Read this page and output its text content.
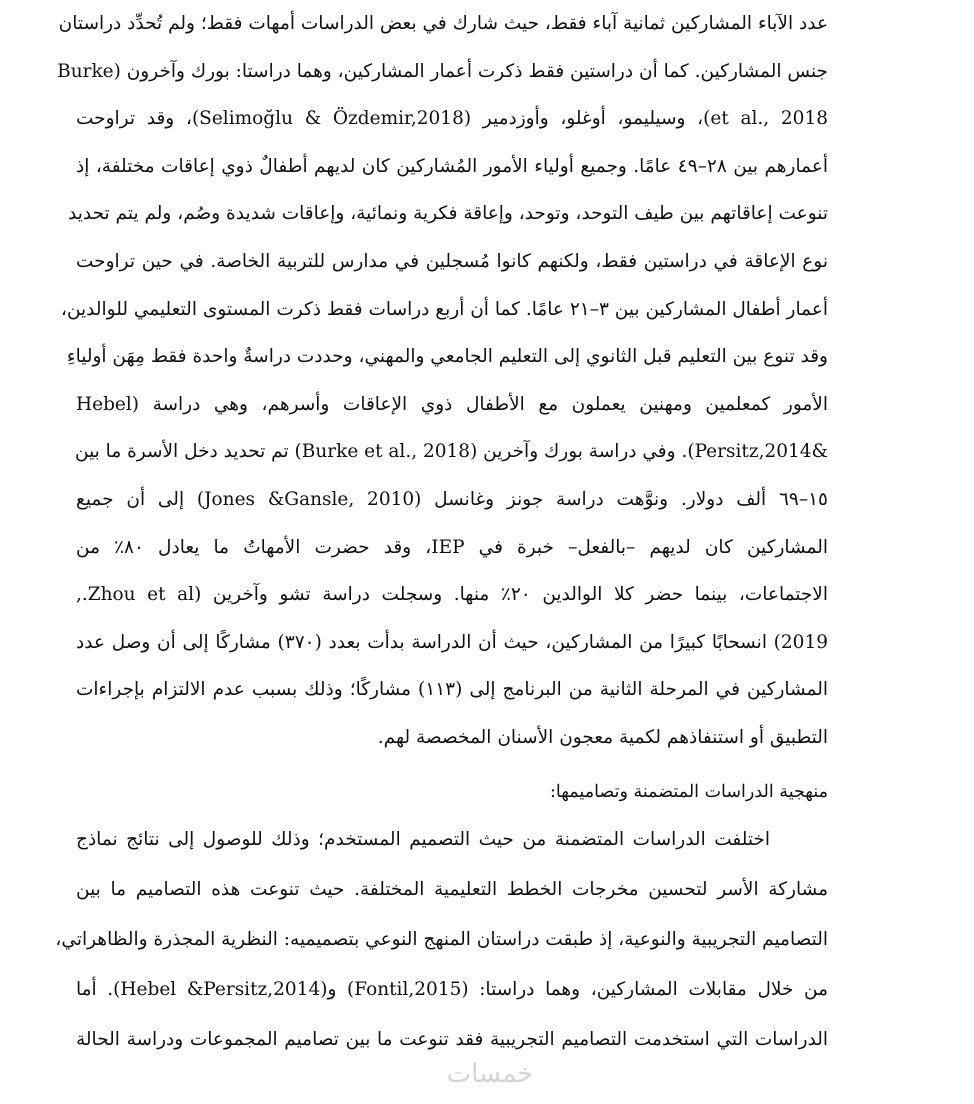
عدد الآباء المشاركين ثمانية آباء فقط، حيث شارك في بعض الدراسات أمهات فقط؛ ولم تُحدِّد دراستان
جنس المشاركين. كما أن دراستين فقط ذكرت أعمار المشاركين، وهما دراستا: بورك وآخرون (Burke
et al., 2018)، وسيليمو، أوغلو، وأوزدمير (Selimoğlu & Özdemir,2018)، وقد تراوحت
أعمارهم بين ٢٨–٤٩ عامًا. وجميع أولياء الأمور المُشاركين كان لديهم أطفالٌ ذوي إعاقات مختلفة، إذ
تنوعت إعاقاتهم بين طيف التوحد، وتوحد، وإعاقة فكرية ونمائية، وإعاقات شديدة وصُم، ولم يتم تحديد
نوع الإعاقة في دراستين فقط، ولكنهم كانوا مُسجلين في مدارس للتربية الخاصة. في حين تراوحت
أعمار أطفال المشاركين بين ٣–٢١ عامًا. كما أن أربع دراسات فقط ذكرت المستوى التعليمي للوالدين،
وقد تنوع بين التعليم قبل الثانوي إلى التعليم الجامعي والمهني، وحددت دراسةٌ واحدة فقط مِهَن أولياءِ
الأمور كمعلمين ومهنين يعملون مع الأطفال ذوي الإعاقات وأسرهم، وهي دراسة (Hebel
&Persitz,2014). وفي دراسة بورك وآخرين (Burke et al., 2018) تم تحديد دخل الأسرة ما بين
١٥–٦٩ ألف دولار. ونوَّهت دراسة جونز وغانسل (Jones &Gansle, 2010) إلى أن جميع
المشاركين كان لديهم –بالفعل– خبرة في IEP، وقد حضرت الأمهاتُ ما يعادل ٨٠٪ من
الاجتماعات، بينما حضر كلا الوالدين ٢٠٪ منها. وسجلت دراسة تشو وآخرين (Zhou et al.,
2019) انسحابًا كبيرًا من المشاركين، حيث أن الدراسة بدأت بعدد (٣٧٠) مشاركًا إلى أن وصل عدد
المشاركين في المرحلة الثانية من البرنامج إلى (١١٣) مشاركًا؛ وذلك بسبب عدم الالتزام بإجراءات
التطبيق أو استنفاذهم لكمية معجون الأسنان المخصصة لهم.
منهجية الدراسات المتضمنة وتصاميمها:
اختلفت الدراسات المتضمنة من حيث التصميم المستخدم؛ وذلك للوصول إلى نتائج نماذج
مشاركة الأسر لتحسين مخرجات الخطط التعليمية المختلفة. حيث تنوعت هذه التصاميم ما بين
التصاميم التجريبية والنوعية، إذ طبقت دراستان المنهج النوعي بتصميميه: النظرية المجذرة والظاهراتي،
من خلال مقابلات المشاركين، وهما دراستا: (Fontil,2015) و(Hebel &Persitz,2014). أما
الدراسات التي استخدمت التصاميم التجريبية فقد تنوعت ما بين تصاميم المجموعات ودراسة الحالة
خمسات
